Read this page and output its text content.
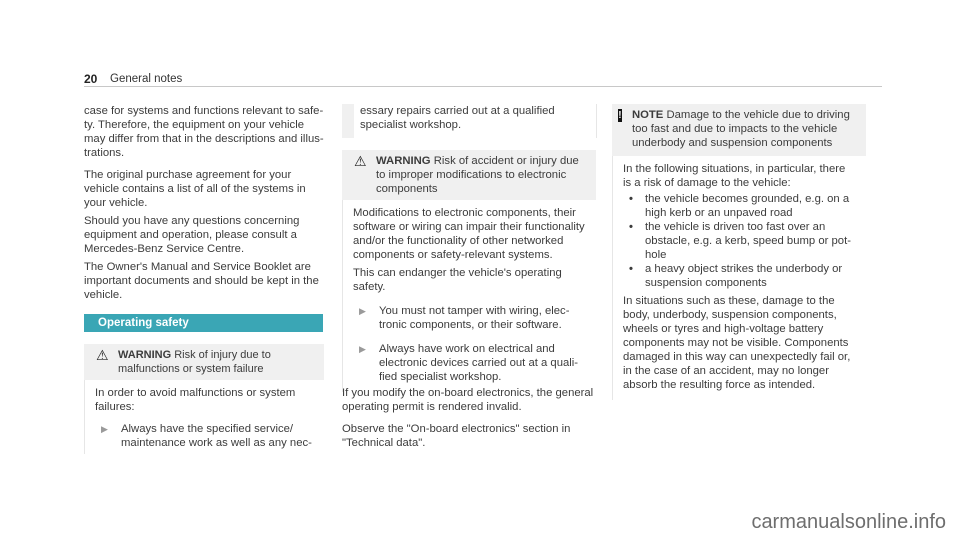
20 General notes

case for systems and functions relevant to safety. Therefore, the equipment on your vehicle may differ from that in the descriptions and illustrations.

The original purchase agreement for your vehicle contains a list of all of the systems in your vehicle.

Should you have any questions concerning equipment and operation, please consult a Mercedes-Benz Service Centre.

The Owner's Manual and Service Booklet are important documents and should be kept in the vehicle.

Operating safety
⚠ WARNING Risk of injury due to malfunctions or system failure

In order to avoid malfunctions or system failures:

▶	Always have the specified service/ maintenance work as well as any nec-

essary repairs carried out at a qualified specialist workshop.

⚠ WARNING Risk of accident or injury due to improper modifications to electronic components

Modifications to electronic components, their software or wiring can impair their functionality and/or the functionality of other networked components or safety-relevant systems.

This can endanger the vehicle's operating safety.

▶	You must not tamper with wiring, electronic components, or their software.
▶	Always have work on electrical and electronic devices carried out at a qualified specialist workshop.

If you modify the on-board electronics, the general operating permit is rendered invalid.

Observe the "On-board electronics" section in "Technical data".

! NOTE Damage to the vehicle due to driving too fast and due to impacts to the vehicle underbody and suspension components

In the following situations, in particular, there is a risk of damage to the vehicle:

•	the vehicle becomes grounded, e.g. on a high kerb or an unpaved road
•	the vehicle is driven too fast over an obstacle, e.g. a kerb, speed bump or pothole
•	a heavy object strikes the underbody or suspension components

In situations such as these, damage to the body, underbody, suspension components, wheels or tyres and high-voltage battery components may not be visible. Components damaged in this way can unexpectedly fail or, in the case of an accident, may no longer absorb the resulting force as intended.

carmanualsonline.info
